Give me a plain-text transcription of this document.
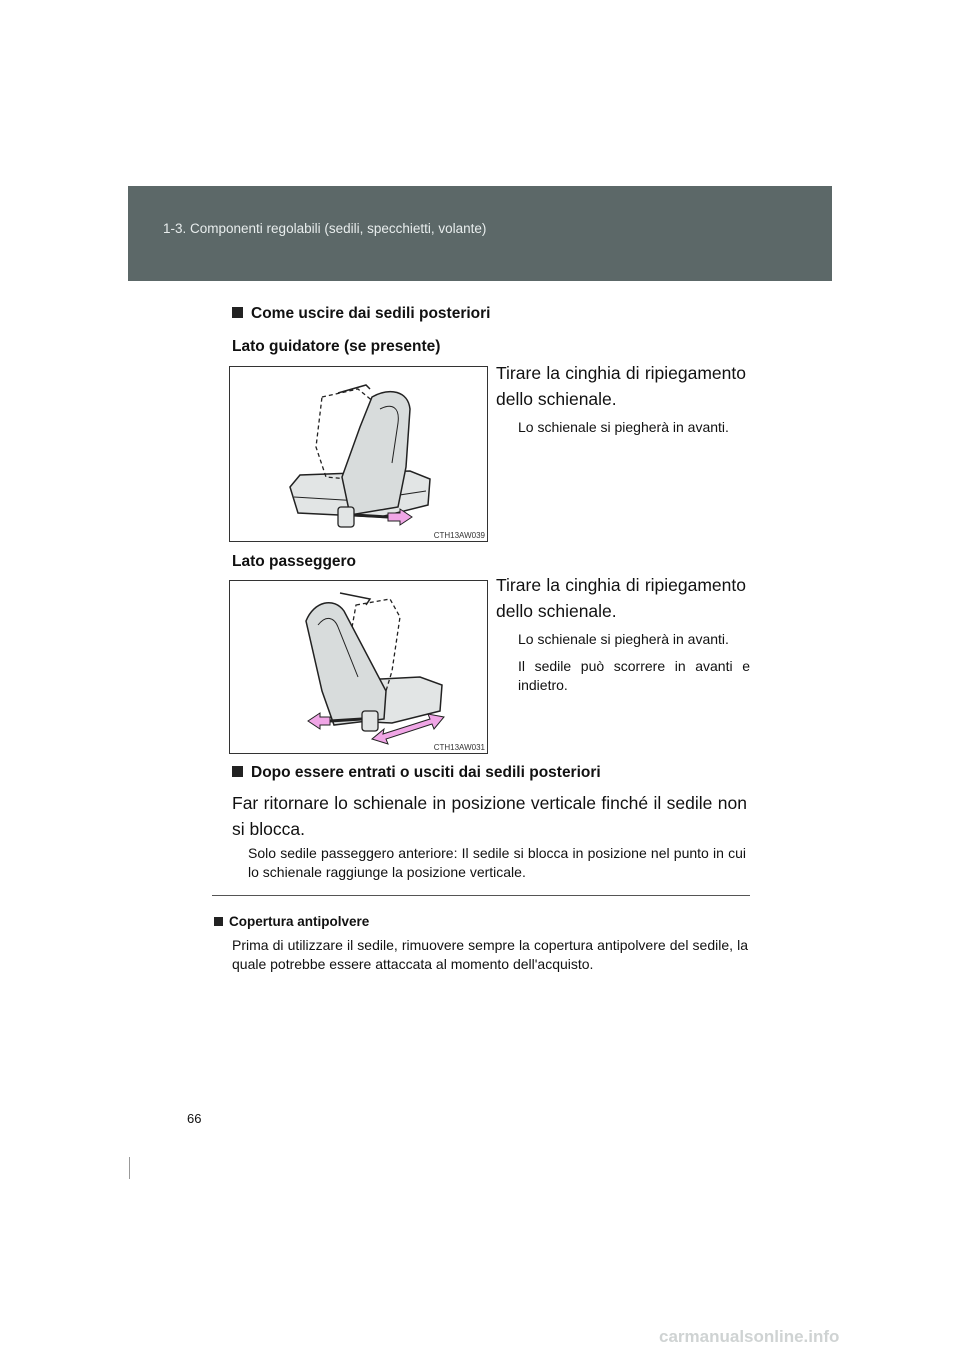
1-3. Componenti regolabili (sedili, specchietti, volante)
Come uscire dai sedili posteriori
Lato guidatore (se presente)
CTH13AW039
Tirare la cinghia di ripiegamento dello schienale.
Lo schienale si piegherà in avanti.
Lato passeggero
CTH13AW031
Tirare la cinghia di ripiegamento dello schienale.
Lo schienale si piegherà in avanti.
Il sedile può scorrere in avanti e indietro.
Dopo essere entrati o usciti dai sedili posteriori
Far ritornare lo schienale in posizione verticale finché il sedile non si blocca.
Solo sedile passeggero anteriore: Il sedile si blocca in posizione nel punto in cui lo schienale raggiunge la posizione verticale.
Copertura antipolvere
Prima di utilizzare il sedile, rimuovere sempre la copertura antipolvere del sedile, la quale potrebbe essere attaccata al momento dell'acquisto.
66
carmanualsonline.info
